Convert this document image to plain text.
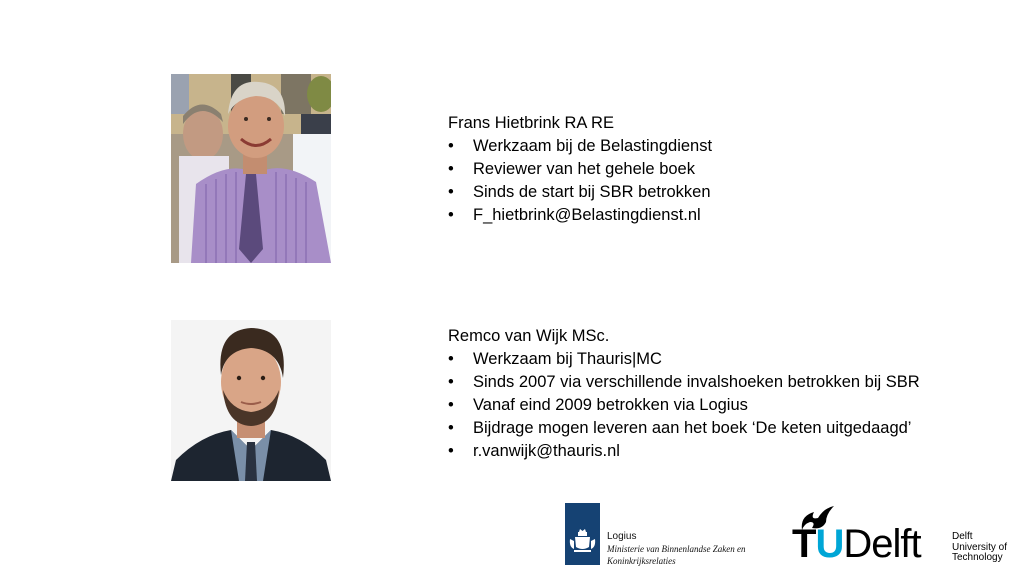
Frans Hietbrink RA RE
• Werkzaam bij de Belastingdienst
• Reviewer van het gehele boek
• Sinds de start bij SBR betrokken
• F_hietbrink@Belastingdienst.nl
Remco van Wijk MSc.
• Werkzaam bij Thauris|MC
• Sinds 2007 via verschillende invalshoeken betrokken bij SBR
• Vanaf eind 2009 betrokken via Logius
• Bijdrage mogen leveren aan het boek ‘De keten uitgedaagd’
• r.vanwijk@thauris.nl
Logius
Ministerie van Binnenlandse Zaken en
Koninkrijksrelaties	TUDelft	Delft
University of
Technology
